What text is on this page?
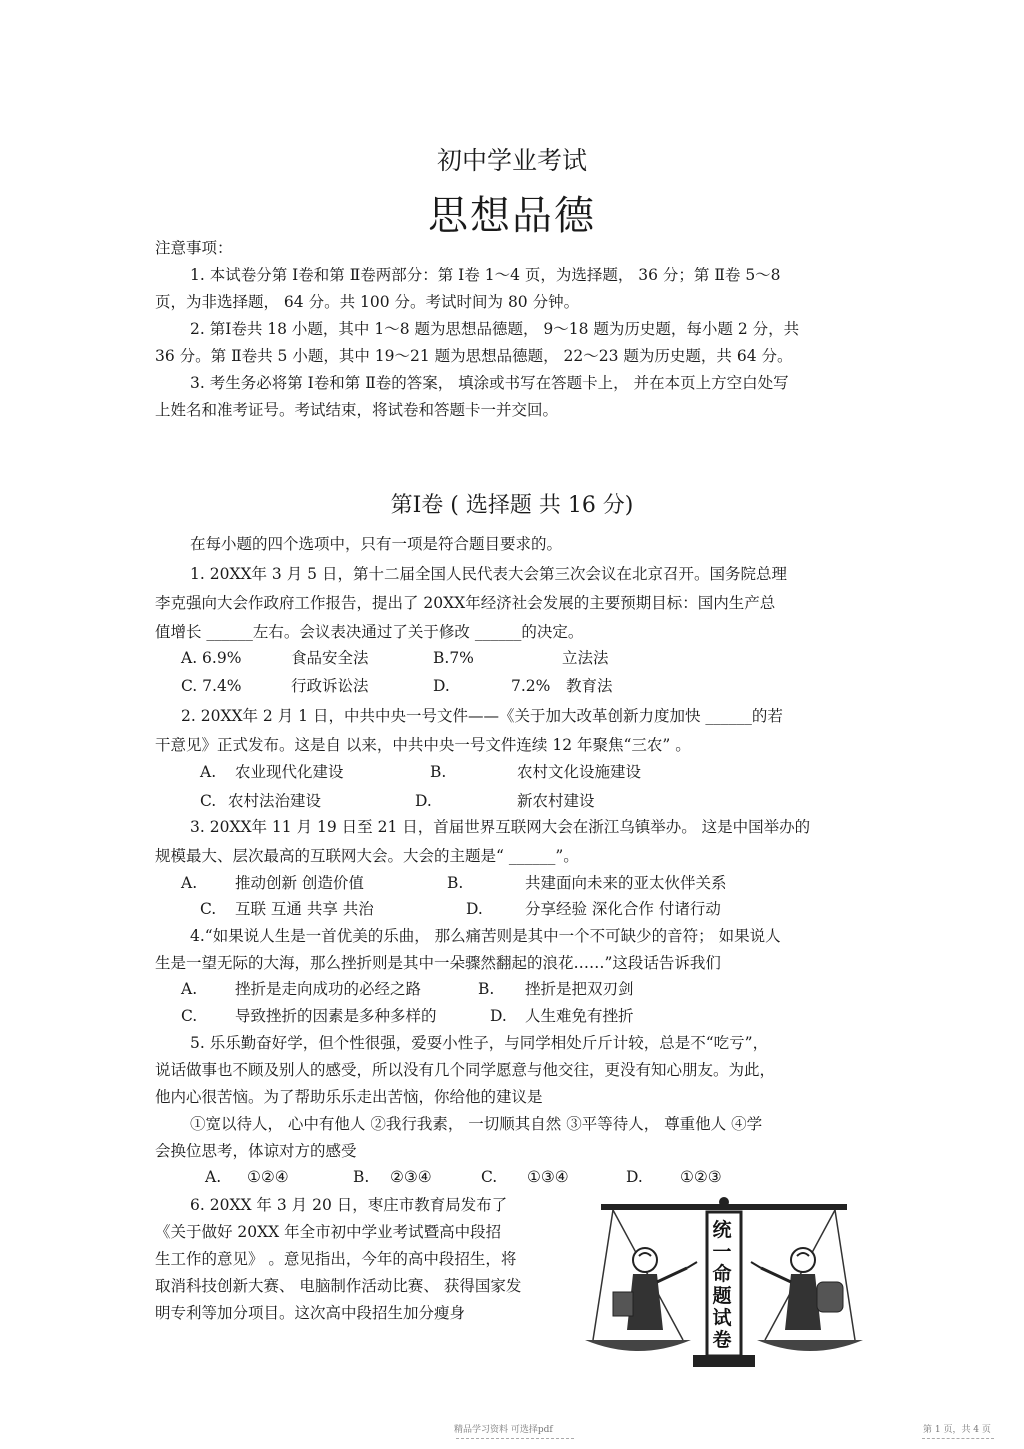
初中学业考试
思想品德
注意事项：
1. 本试卷分第 Ⅰ卷和第 Ⅱ卷两部分：第 Ⅰ卷 1～4 页，为选择题， 36 分；第 Ⅱ卷 5～8
页，为非选择题， 64 分。共 100 分。考试时间为 80 分钟。
2. 第Ⅰ卷共 18 小题，其中 1～8 题为思想品德题， 9～18 题为历史题，每小题 2 分，共
36 分。第 Ⅱ卷共 5 小题，其中 19～21 题为思想品德题， 22～23 题为历史题，共 64 分。
3. 考生务必将第 Ⅰ卷和第 Ⅱ卷的答案， 填涂或书写在答题卡上， 并在本页上方空白处写
上姓名和准考证号。考试结束，将试卷和答题卡一并交回。
第Ⅰ卷 ( 选择题 共 16 分)
在每小题的四个选项中，只有一项是符合题目要求的。
1. 20XX年 3 月 5 日，第十二届全国人民代表大会第三次会议在北京召开。国务院总理
李克强向大会作政府工作报告，提出了 20XX年经济社会发展的主要预期目标：国内生产总
值增长 ______左右。会议表决通过了关于修改 ______的决定。
A. 6.9%	食品安全法	B.7%	立法法
C. 7.4%	行政诉讼法	D.	7.2% 教育法
2. 20XX年 2 月 1 日，中共中央一号文件——《关于加大改革创新力度加快 ______的若
干意见》正式发布。这是自 以来，中共中央一号文件连续 12 年聚焦“三农” 。
A. 农业现代化建设	B.	农村文化设施建设
C. 农村法治建设	D.	新农村建设
3. 20XX年 11 月 19 日至 21 日，首届世界互联网大会在浙江乌镇举办。 这是中国举办的
规模最大、层次最高的互联网大会。大会的主题是“ ______”。
A. 推动创新 创造价值	B.	共建面向未来的亚太伙伴关系
C. 互联 互通 共享 共治	D.	分享经验 深化合作 付诸行动
4.“如果说人生是一首优美的乐曲， 那么痛苦则是其中一个不可缺少的音符； 如果说人
生是一望无际的大海，那么挫折则是其中一朵骤然翻起的浪花……”这段话告诉我们
A. 挫折是走向成功的必经之路	B. 挫折是把双刃剑
C. 导致挫折的因素是多种多样的	D. 人生难免有挫折
5. 乐乐勤奋好学，但个性很强，爱耍小性子，与同学相处斤斤计较，总是不“吃亏”，
说话做事也不顾及别人的感受，所以没有几个同学愿意与他交往，更没有知心朋友。为此，
他内心很苦恼。为了帮助乐乐走出苦恼，你给他的建议是
①宽以待人， 心中有他人 ②我行我素， 一切顺其自然 ③平等待人， 尊重他人 ④学
会换位思考，体谅对方的感受
A. ①②④	B. ②③④	C. ①③④	D. ①②③
6. 20XX 年 3 月 20 日，枣庄市教育局发布了
《关于做好 20XX 年全市初中学业考试暨高中段招
生工作的意见》 。意见指出，今年的高中段招生，将
取消科技创新大赛、 电脑制作活动比赛、 获得国家发
明专利等加分项目。这次高中段招生加分瘦身
统一命题试卷
精品学习资料 可选择pdf	第 1 页，共 4 页
